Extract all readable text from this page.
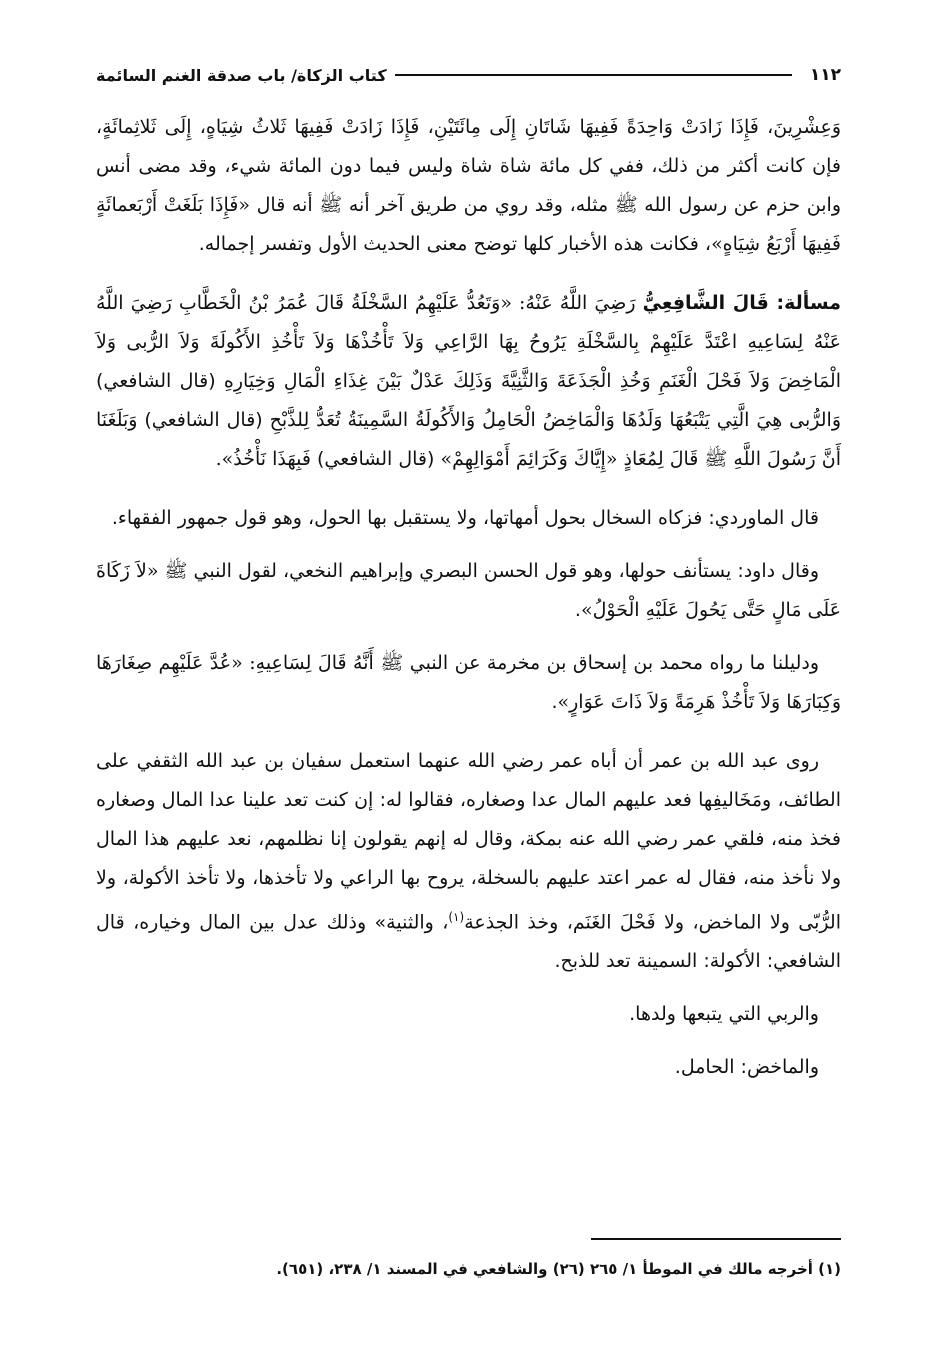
١١٢
كتاب الزكاة/ باب صدقة الغنم السائمة

وَعِشْرِينَ، فَإِذَا زَادَتْ وَاحِدَةً فَفِيهَا شَاتَانِ إِلَى مِائَتَيْنِ، فَإِذَا زَادَتْ فَفِيهَا ثَلاثُ شِيَاهٍ، إِلَى ثَلاثِمائَةٍ، فإن كانت أكثر من ذلك، ففي كل مائة شاة شاة وليس فيما دون المائة شيء، وقد مضى أنس وابن حزم عن رسول الله ﷺ مثله، وقد روي من طريق آخر أنه ﷺ أنه قال «فَإِذَا بَلَغَتْ أَرْبَعمائَةٍ فَفِيهَا أَرْبَعُ شِيَاهٍ»، فكانت هذه الأخبار كلها توضح معنى الحديث الأول وتفسر إجماله.

مسألة: قَالَ الشَّافِعِيُّ رَضِيَ اللَّهُ عَنْهُ: «وَتَعُدُّ عَلَيْهِمُ السَّخْلَةُ قَالَ عُمَرُ بْنُ الْخَطَّابِ رَضِيَ اللَّهُ عَنْهُ لِسَاعِيهِ اعْتَدَّ عَلَيْهِمْ بِالسَّخْلَةِ يَرُوحُ بِهَا الرَّاعِي وَلاَ تَأْخُذْهَا وَلاَ تَأْخُذِ الأَكُولَةَ وَلاَ الرُّبى وَلاَ الْمَاخِضَ وَلاَ فَحْلَ الْغَنَمِ وَخُذِ الْجَذَعَةَ وَالثَّنِيَّةَ وَذَلِكَ عَدْلٌ بَيْنَ غِذَاءِ الْمَالِ وَخِيَارِهِ (قال الشافعي) وَالرُّبى هِيَ الَّتِي يَتْبَعُهَا وَلَدُهَا وَالْمَاخِضُ الْحَامِلُ وَالأَكُولَةُ السَّمِينَةُ تُعَدُّ لِلذَّبْحِ (قال الشافعي) وَبَلَغَنَا أَنَّ رَسُولَ اللَّهِ ﷺ قَالَ لِمُعَاذٍ «إِيَّاكَ وَكَرَائِمَ أَمْوَالِهِمْ» (قال الشافعي) فَبِهَذَا نَأْخُذُ».

قال الماوردي: فزكاه السخال بحول أمهاتها، ولا يستقبل بها الحول، وهو قول جمهور الفقهاء.

وقال داود: يستأنف حولها، وهو قول الحسن البصري وإبراهيم النخعي، لقول النبي ﷺ «لاَ زَكَاةَ عَلَى مَالٍ حَتَّى يَحُولَ عَلَيْهِ الْحَوْلُ».

ودليلنا ما رواه محمد بن إسحاق بن مخرمة عن النبي ﷺ أَنَّهُ قَالَ لِسَاعِيهِ: «عُدَّ عَلَيْهِم صِغَارَهَا وَكِبَارَهَا وَلاَ تَأْخُذْ هَرِمَةً وَلاَ ذَاتَ عَوَارٍ».

روى عبد الله بن عمر أن أباه عمر رضي الله عنهما استعمل سفيان بن عبد الله الثقفي على الطائف، ومَخَاليفِها فعد عليهم المال عدا وصغاره، فقالوا له: إن كنت تعد علينا عدا المال وصغاره فخذ منه، فلقي عمر رضي الله عنه بمكة، وقال له إنهم يقولون إنا نظلمهم، نعد عليهم هذا المال ولا نأخذ منه، فقال له عمر اعتد عليهم بالسخلة، يروح بها الراعي ولا تأخذها، ولا تأخذ الأكولة، ولا الرُّبّى ولا الماخض، ولا فَحْلَ الغَنَم، وخذ الجذعة$^{(١)}$، والثنية» وذلك عدل بين المال وخياره، قال الشافعي: الأكولة: السمينة تعد للذبح.

والربي التي يتبعها ولدها.

والماخض: الحامل.

(١) أخرجه مالك في الموطأ ١/ ٢٦٥ (٢٦) والشافعي في المسند ١/ ٢٣٨، (٦٥١).
